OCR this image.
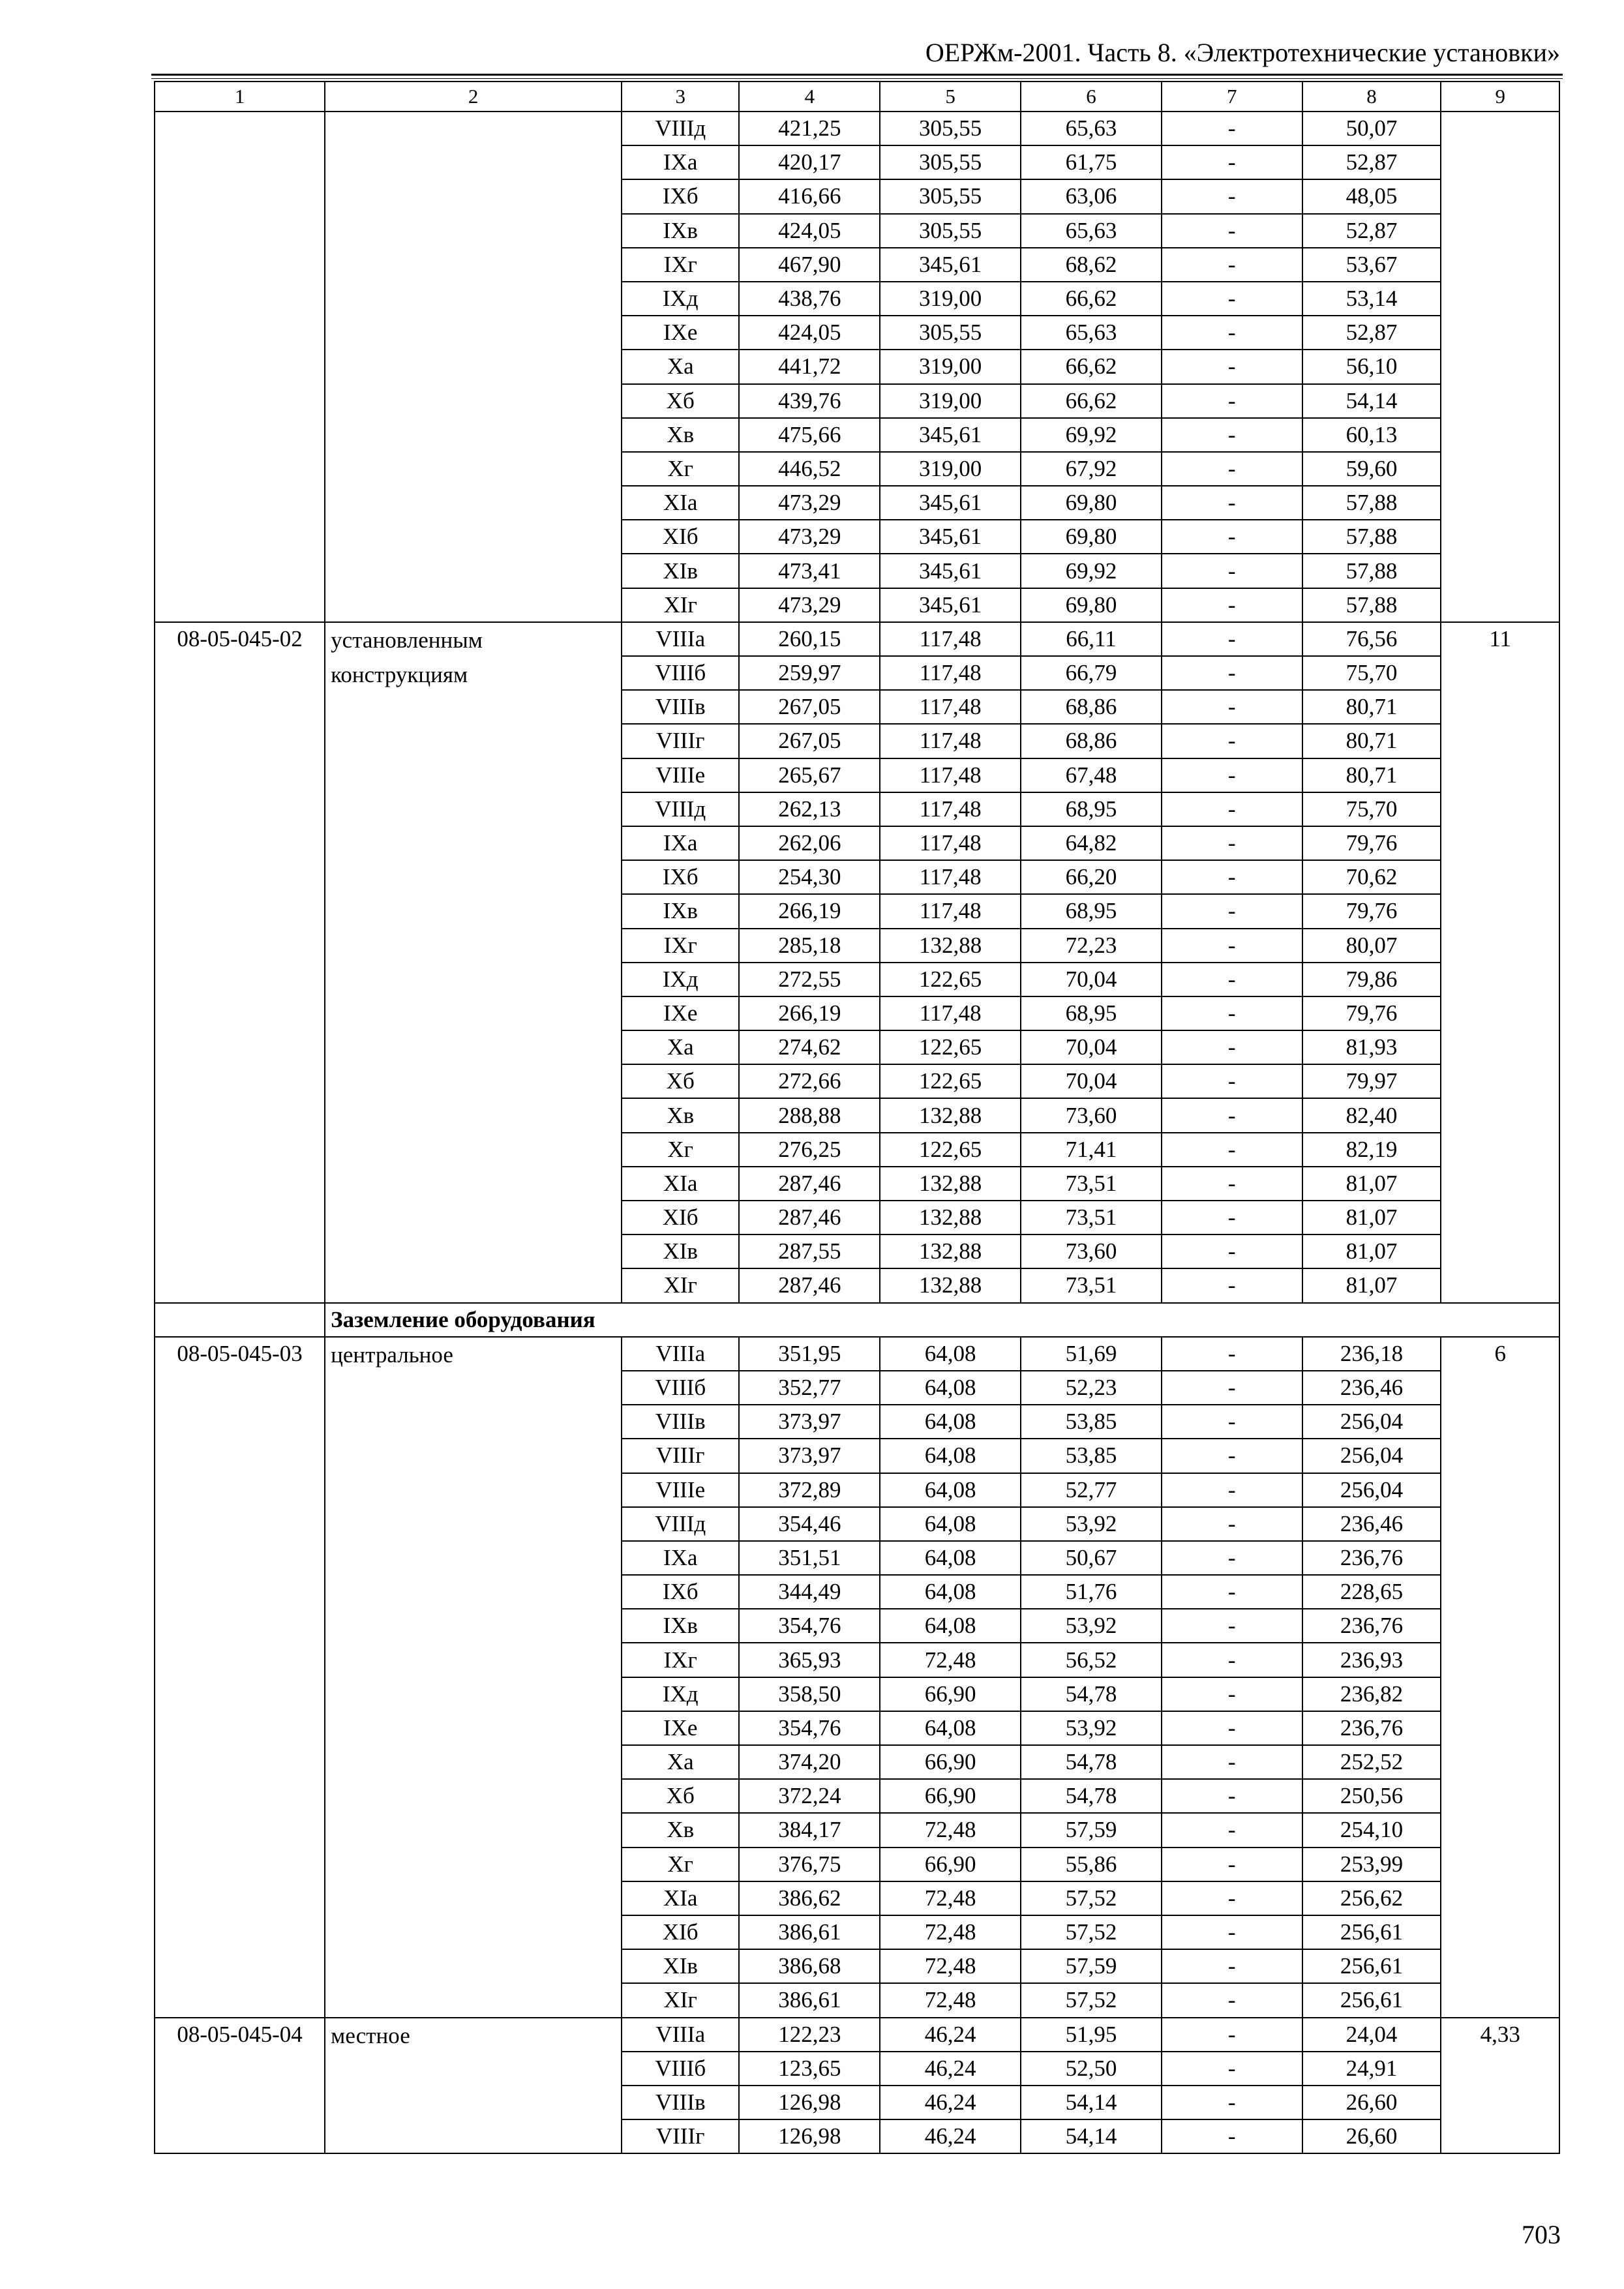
ОЕРЖм-2001. Часть 8. «Электротехнические установки»
1	2	3	4	5	6	7	8	9
		VIIIд	421,25	305,55	65,63	-	50,07	
		IXа	420,17	305,55	61,75	-	52,87	
		IXб	416,66	305,55	63,06	-	48,05	
		IXв	424,05	305,55	65,63	-	52,87	
		IXг	467,90	345,61	68,62	-	53,67	
		IXд	438,76	319,00	66,62	-	53,14	
		IXе	424,05	305,55	65,63	-	52,87	
		Xа	441,72	319,00	66,62	-	56,10	
		Xб	439,76	319,00	66,62	-	54,14	
		Xв	475,66	345,61	69,92	-	60,13	
		Xг	446,52	319,00	67,92	-	59,60	
		XIа	473,29	345,61	69,80	-	57,88	
		XIб	473,29	345,61	69,80	-	57,88	
		XIв	473,41	345,61	69,92	-	57,88	
		XIг	473,29	345,61	69,80	-	57,88	
08-05-045-02	установленным конструкциям	VIIIа	260,15	117,48	66,11	-	76,56	11
		VIIIб	259,97	117,48	66,79	-	75,70	
		VIIIв	267,05	117,48	68,86	-	80,71	
		VIIIг	267,05	117,48	68,86	-	80,71	
		VIIIе	265,67	117,48	67,48	-	80,71	
		VIIIд	262,13	117,48	68,95	-	75,70	
		IXа	262,06	117,48	64,82	-	79,76	
		IXб	254,30	117,48	66,20	-	70,62	
		IXв	266,19	117,48	68,95	-	79,76	
		IXг	285,18	132,88	72,23	-	80,07	
		IXд	272,55	122,65	70,04	-	79,86	
		IXе	266,19	117,48	68,95	-	79,76	
		Xа	274,62	122,65	70,04	-	81,93	
		Xб	272,66	122,65	70,04	-	79,97	
		Xв	288,88	132,88	73,60	-	82,40	
		Xг	276,25	122,65	71,41	-	82,19	
		XIа	287,46	132,88	73,51	-	81,07	
		XIб	287,46	132,88	73,51	-	81,07	
		XIв	287,55	132,88	73,60	-	81,07	
		XIг	287,46	132,88	73,51	-	81,07	
	Заземление оборудования							
08-05-045-03	центральное	VIIIа	351,95	64,08	51,69	-	236,18	6
		VIIIб	352,77	64,08	52,23	-	236,46	
		VIIIв	373,97	64,08	53,85	-	256,04	
		VIIIг	373,97	64,08	53,85	-	256,04	
		VIIIе	372,89	64,08	52,77	-	256,04	
		VIIIд	354,46	64,08	53,92	-	236,46	
		IXа	351,51	64,08	50,67	-	236,76	
		IXб	344,49	64,08	51,76	-	228,65	
		IXв	354,76	64,08	53,92	-	236,76	
		IXг	365,93	72,48	56,52	-	236,93	
		IXд	358,50	66,90	54,78	-	236,82	
		IXе	354,76	64,08	53,92	-	236,76	
		Xа	374,20	66,90	54,78	-	252,52	
		Xб	372,24	66,90	54,78	-	250,56	
		Xв	384,17	72,48	57,59	-	254,10	
		Xг	376,75	66,90	55,86	-	253,99	
		XIа	386,62	72,48	57,52	-	256,62	
		XIб	386,61	72,48	57,52	-	256,61	
		XIв	386,68	72,48	57,59	-	256,61	
		XIг	386,61	72,48	57,52	-	256,61	
08-05-045-04	местное	VIIIа	122,23	46,24	51,95	-	24,04	4,33
		VIIIб	123,65	46,24	52,50	-	24,91	
		VIIIв	126,98	46,24	54,14	-	26,60	
		VIIIг	126,98	46,24	54,14	-	26,60	
703
